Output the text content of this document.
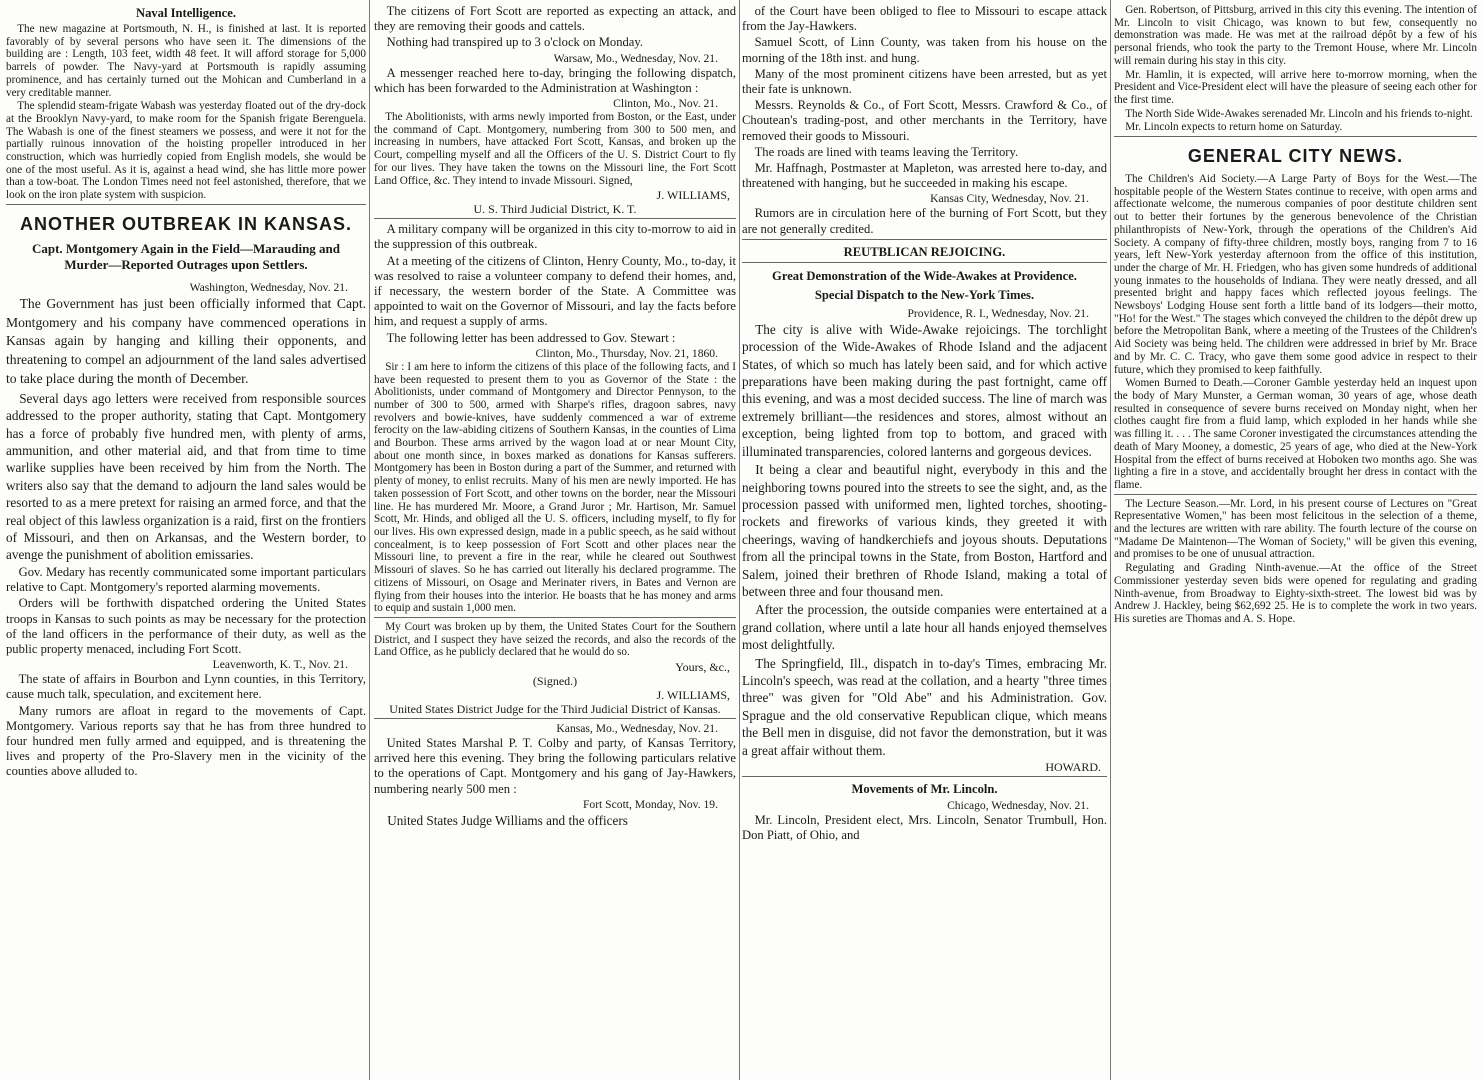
Naval Intelligence.

The new magazine at Portsmouth, N. H., is finished at last. It is reported favorably of by several persons who have seen it. The dimensions of the building are : Length, 103 feet, width 48 feet. It will afford storage for 5,000 barrels of powder. The Navy-yard at Portsmouth is rapidly assuming prominence, and has certainly turned out the Mohican and Cumberland in a very creditable manner.

The splendid steam-frigate Wabash was yesterday floated out of the dry-dock at the Brooklyn Navy-yard, to make room for the Spanish frigate Berenguela. The Wabash is one of the finest steamers we possess, and were it not for the partially ruinous innovation of the hoisting propeller introduced in her construction, which was hurriedly copied from English models, she would be one of the most useful. As it is, against a head wind, she has little more power than a tow-boat. The London Times need not feel astonished, therefore, that we look on the iron plate system with suspicion.

ANOTHER OUTBREAK IN KANSAS.
Capt. Montgomery Again in the Field—Marauding and Murder—Reported Outrages upon Settlers.
Washington, Wednesday, Nov. 21.

The Government has just been officially informed that Capt. Montgomery and his company have commenced operations in Kansas again by hanging and killing their opponents, and threatening to compel an adjournment of the land sales advertised to take place during the month of December.

Several days ago letters were received from responsible sources addressed to the proper authority, stating that Capt. Montgomery has a force of probably five hundred men, with plenty of arms, ammunition, and other material aid, and that from time to time warlike supplies have been received by him from the North. The writers also say that the demand to adjourn the land sales would be resorted to as a mere pretext for raising an armed force, and that the real object of this lawless organization is a raid, first on the frontiers of Missouri, and then on Arkansas, and the Western border, to avenge the punishment of abolition emissaries.

Gov. Medary has recently communicated some important particulars relative to Capt. Montgomery's reported alarming movements.

Orders will be forthwith dispatched ordering the United States troops in Kansas to such points as may be necessary for the protection of the land officers in the performance of their duty, as well as the public property menaced, including Fort Scott.

Leavenworth, K. T., Nov. 21.

The state of affairs in Bourbon and Lynn counties, in this Territory, cause much talk, speculation, and excitement here.

Many rumors are afloat in regard to the movements of Capt. Montgomery. Various reports say that he has from three hundred to four hundred men fully armed and equipped, and is threatening the lives and property of the Pro-Slavery men in the vicinity of the counties above alluded to.

The citizens of Fort Scott are reported as expecting an attack, and they are removing their goods and cattels.

Nothing had transpired up to 3 o'clock on Monday.

Warsaw, Mo., Wednesday, Nov. 21.

A messenger reached here to-day, bringing the following dispatch, which has been forwarded to the Administration at Washington :

Clinton, Mo., Nov. 21.

The Abolitionists, with arms newly imported from Boston, or the East, under the command of Capt. Montgomery, numbering from 300 to 500 men, and increasing in numbers, have attacked Fort Scott, Kansas, and broken up the Court, compelling myself and all the Officers of the U. S. District Court to fly for our lives. They have taken the towns on the Missouri line, the Fort Scott Land Office, &c. They intend to invade Missouri. Signed,

J. WILLIAMS,
U. S. Third Judicial District, K. T.

A military company will be organized in this city to-morrow to aid in the suppression of this outbreak.

At a meeting of the citizens of Clinton, Henry County, Mo., to-day, it was resolved to raise a volunteer company to defend their homes, and, if necessary, the western border of the State. A Committee was appointed to wait on the Governor of Missouri, and lay the facts before him, and request a supply of arms.

The following letter has been addressed to Gov. Stewart :

Clinton, Mo., Thursday, Nov. 21, 1860.

Sir : I am here to inform the citizens of this place of the following facts, and I have been requested to present them to you as Governor of the State : the Abolitionists, under command of Montgomery and Director Pennyson, to the number of 300 to 500, armed with Sharpe's rifles, dragoon sabres, navy revolvers and bowie-knives, have suddenly commenced a war of extreme ferocity on the law-abiding citizens of Southern Kansas, in the counties of Lima and Bourbon. These arms arrived by the wagon load at or near Mount City, about one month since, in boxes marked as donations for Kansas sufferers. Montgomery has been in Boston during a part of the Summer, and returned with plenty of money, to enlist recruits. Many of his men are newly imported. He has taken possession of Fort Scott, and other towns on the border, near the Missouri line. He has murdered Mr. Moore, a Grand Juror ; Mr. Hartison, Mr. Samuel Scott, Mr. Hinds, and obliged all the U. S. officers, including myself, to fly for our lives. His own expressed design, made in a public speech, as he said without concealment, is to keep possession of Fort Scott and other places near the Missouri line, to prevent a fire in the rear, while he cleared out Southwest Missouri of slaves. So he has carried out literally his declared programme. The citizens of Missouri, on Osage and Merinater rivers, in Bates and Vernon are flying from their houses into the interior. He boasts that he has money and arms to equip and sustain 1,000 men.

My Court was broken up by them, the United States Court for the Southern District, and I suspect they have seized the records, and also the records of the Land Office, as he publicly declared that he would do so.

Yours, &c.,
(Signed.)
J. WILLIAMS,
United States District Judge for the Third Judicial District of Kansas.
Kansas, Mo., Wednesday, Nov. 21.

United States Marshal P. T. Colby and party, of Kansas Territory, arrived here this evening. They bring the following particulars relative to the operations of Capt. Montgomery and his gang of Jay-Hawkers, numbering nearly 500 men :

Fort Scott, Monday, Nov. 19.

United States Judge Williams and the officers

of the Court have been obliged to flee to Missouri to escape attack from the Jay-Hawkers.

Samuel Scott, of Linn County, was taken from his house on the morning of the 18th inst. and hung.

Many of the most prominent citizens have been arrested, but as yet their fate is unknown.

Messrs. Reynolds & Co., of Fort Scott, Messrs. Crawford & Co., of Choutean's trading-post, and other merchants in the Territory, have removed their goods to Missouri.

The roads are lined with teams leaving the Territory.

Mr. Haffnagh, Postmaster at Mapleton, was arrested here to-day, and threatened with hanging, but he succeeded in making his escape.

Kansas City, Wednesday, Nov. 21.

Rumors are in circulation here of the burning of Fort Scott, but they are not generally credited.

REUTBLICAN REJOICING.
Great Demonstration of the Wide-Awakes at Providence.
Special Dispatch to the New-York Times.
Providence, R. I., Wednesday, Nov. 21.

The city is alive with Wide-Awake rejoicings. The torchlight procession of the Wide-Awakes of Rhode Island and the adjacent States, of which so much has lately been said, and for which active preparations have been making during the past fortnight, came off this evening, and was a most decided success. The line of march was extremely brilliant—the residences and stores, almost without an exception, being lighted from top to bottom, and graced with illuminated transparencies, colored lanterns and gorgeous devices.

It being a clear and beautiful night, everybody in this and the neighboring towns poured into the streets to see the sight, and, as the procession passed with uniformed men, lighted torches, shooting-rockets and fireworks of various kinds, they greeted it with cheerings, waving of handkerchiefs and joyous shouts. Deputations from all the principal towns in the State, from Boston, Hartford and Salem, joined their brethren of Rhode Island, making a total of between three and four thousand men.

After the procession, the outside companies were entertained at a grand collation, where until a late hour all hands enjoyed themselves most delightfully.

The Springfield, Ill., dispatch in to-day's Times, embracing Mr. Lincoln's speech, was read at the collation, and a hearty "three times three" was given for "Old Abe" and his Administration. Gov. Sprague and the old conservative Republican clique, which means the Bell men in disguise, did not favor the demonstration, but it was a great affair without them.

HOWARD.
Movements of Mr. Lincoln.
Chicago, Wednesday, Nov. 21.

Mr. Lincoln, President elect, Mrs. Lincoln, Senator Trumbull, Hon. Don Piatt, of Ohio, and

Gen. Robertson, of Pittsburg, arrived in this city this evening. The intention of Mr. Lincoln to visit Chicago, was known to but few, consequently no demonstration was made. He was met at the railroad dépôt by a few of his personal friends, who took the party to the Tremont House, where Mr. Lincoln will remain during his stay in this city.

Mr. Hamlin, it is expected, will arrive here to-morrow morning, when the President and Vice-President elect will have the pleasure of seeing each other for the first time.

The North Side Wide-Awakes serenaded Mr. Lincoln and his friends to-night.

Mr. Lincoln expects to return home on Saturday.

GENERAL CITY NEWS.

The Children's Aid Society.—A Large Party of Boys for the West.—The hospitable people of the Western States continue to receive, with open arms and affectionate welcome, the numerous companies of poor destitute children sent out to better their fortunes by the generous benevolence of the Christian philanthropists of New-York, through the operations of the Children's Aid Society. A company of fifty-three children, mostly boys, ranging from 7 to 16 years, left New-York yesterday afternoon from the office of this institution, under the charge of Mr. H. Friedgen, who has given some hundreds of additional young inmates to the households of Indiana. They were neatly dressed, and all presented bright and happy faces which reflected joyous feelings. The Newsboys' Lodging House sent forth a little band of its lodgers—their motto, "Ho! for the West." The stages which conveyed the children to the dépôt drew up before the Metropolitan Bank, where a meeting of the Trustees of the Children's Aid Society was being held. The children were addressed in brief by Mr. Brace and by Mr. C. C. Tracy, who gave them some good advice in respect to their future, which they promised to keep faithfully.

Women Burned to Death.—Coroner Gamble yesterday held an inquest upon the body of Mary Munster, a German woman, 30 years of age, whose death resulted in consequence of severe burns received on Monday night, when her clothes caught fire from a fluid lamp, which exploded in her hands while she was filling it. . . . The same Coroner investigated the circumstances attending the death of Mary Mooney, a domestic, 25 years of age, who died at the New-York Hospital from the effect of burns received at Hoboken two months ago. She was lighting a fire in a stove, and accidentally brought her dress in contact with the flame.

The Lecture Season.—Mr. Lord, in his present course of Lectures on "Great Representative Women," has been most felicitous in the selection of a theme, and the lectures are written with rare ability. The fourth lecture of the course on "Madame De Maintenon—The Woman of Society," will be given this evening, and promises to be one of unusual attraction.

Regulating and Grading Ninth-avenue.—At the office of the Street Commissioner yesterday seven bids were opened for regulating and grading Ninth-avenue, from Broadway to Eighty-sixth-street. The lowest bid was by Andrew J. Hackley, being $62,692 25. He is to complete the work in two years. His sureties are Thomas and A. S. Hope.
